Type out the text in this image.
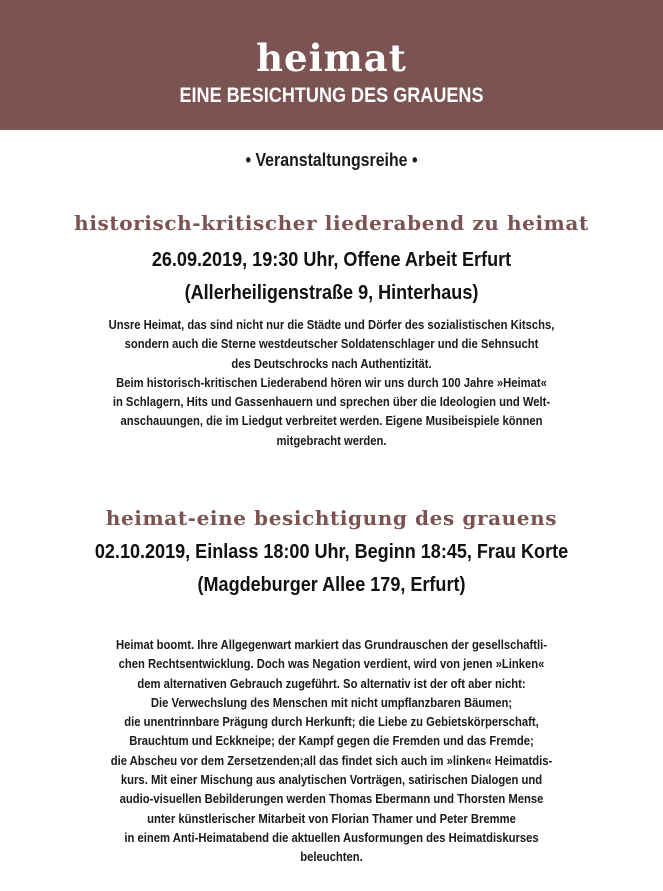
heimat
EINE BESICHTUNG DES GRAUENS
• Veranstaltungsreihe •
historisch-kritischer liederabend zu heimat
26.09.2019, 19:30 Uhr, Offene Arbeit Erfurt
(Allerheiligenstraße 9, Hinterhaus)
Unsre Heimat, das sind nicht nur die Städte und Dörfer des sozialistischen Kitschs,
sondern auch die Sterne westdeutscher Soldatenschlager und die Sehnsucht
des Deutschrocks nach Authentizität.
Beim historisch-kritischen Liederabend hören wir uns durch 100 Jahre »Heimat«
in Schlagern, Hits und Gassenhauern und sprechen über die Ideologien und Welt-
anschauungen, die im Liedgut verbreitet werden. Eigene Musibeispiele können
mitgebracht werden.
heimat-eine besichtigung des grauens
02.10.2019, Einlass 18:00 Uhr, Beginn 18:45, Frau Korte
(Magdeburger Allee 179, Erfurt)
Heimat boomt. Ihre Allgegenwart markiert das Grundrauschen der gesellschaftli-
chen Rechtsentwicklung. Doch was Negation verdient, wird von jenen »Linken«
dem alternativen Gebrauch zugeführt. So alternativ ist der oft aber nicht:
Die Verwechslung des Menschen mit nicht umpflanzbaren Bäumen;
die unentrinnbare Prägung durch Herkunft; die Liebe zu Gebietskörperschaft,
Brauchtum und Eckkneipe; der Kampf gegen die Fremden und das Fremde;
die Abscheu vor dem Zersetzenden;all das findet sich auch im »linken« Heimatdis-
kurs. Mit einer Mischung aus analytischen Vorträgen, satirischen Dialogen und
audio-visuellen Bebilderungen werden Thomas Ebermann und Thorsten Mense
unter künstlerischer Mitarbeit von Florian Thamer und Peter Bremme
in einem Anti-Heimatabend die aktuellen Ausformungen des Heimatdiskurses
beleuchten.
